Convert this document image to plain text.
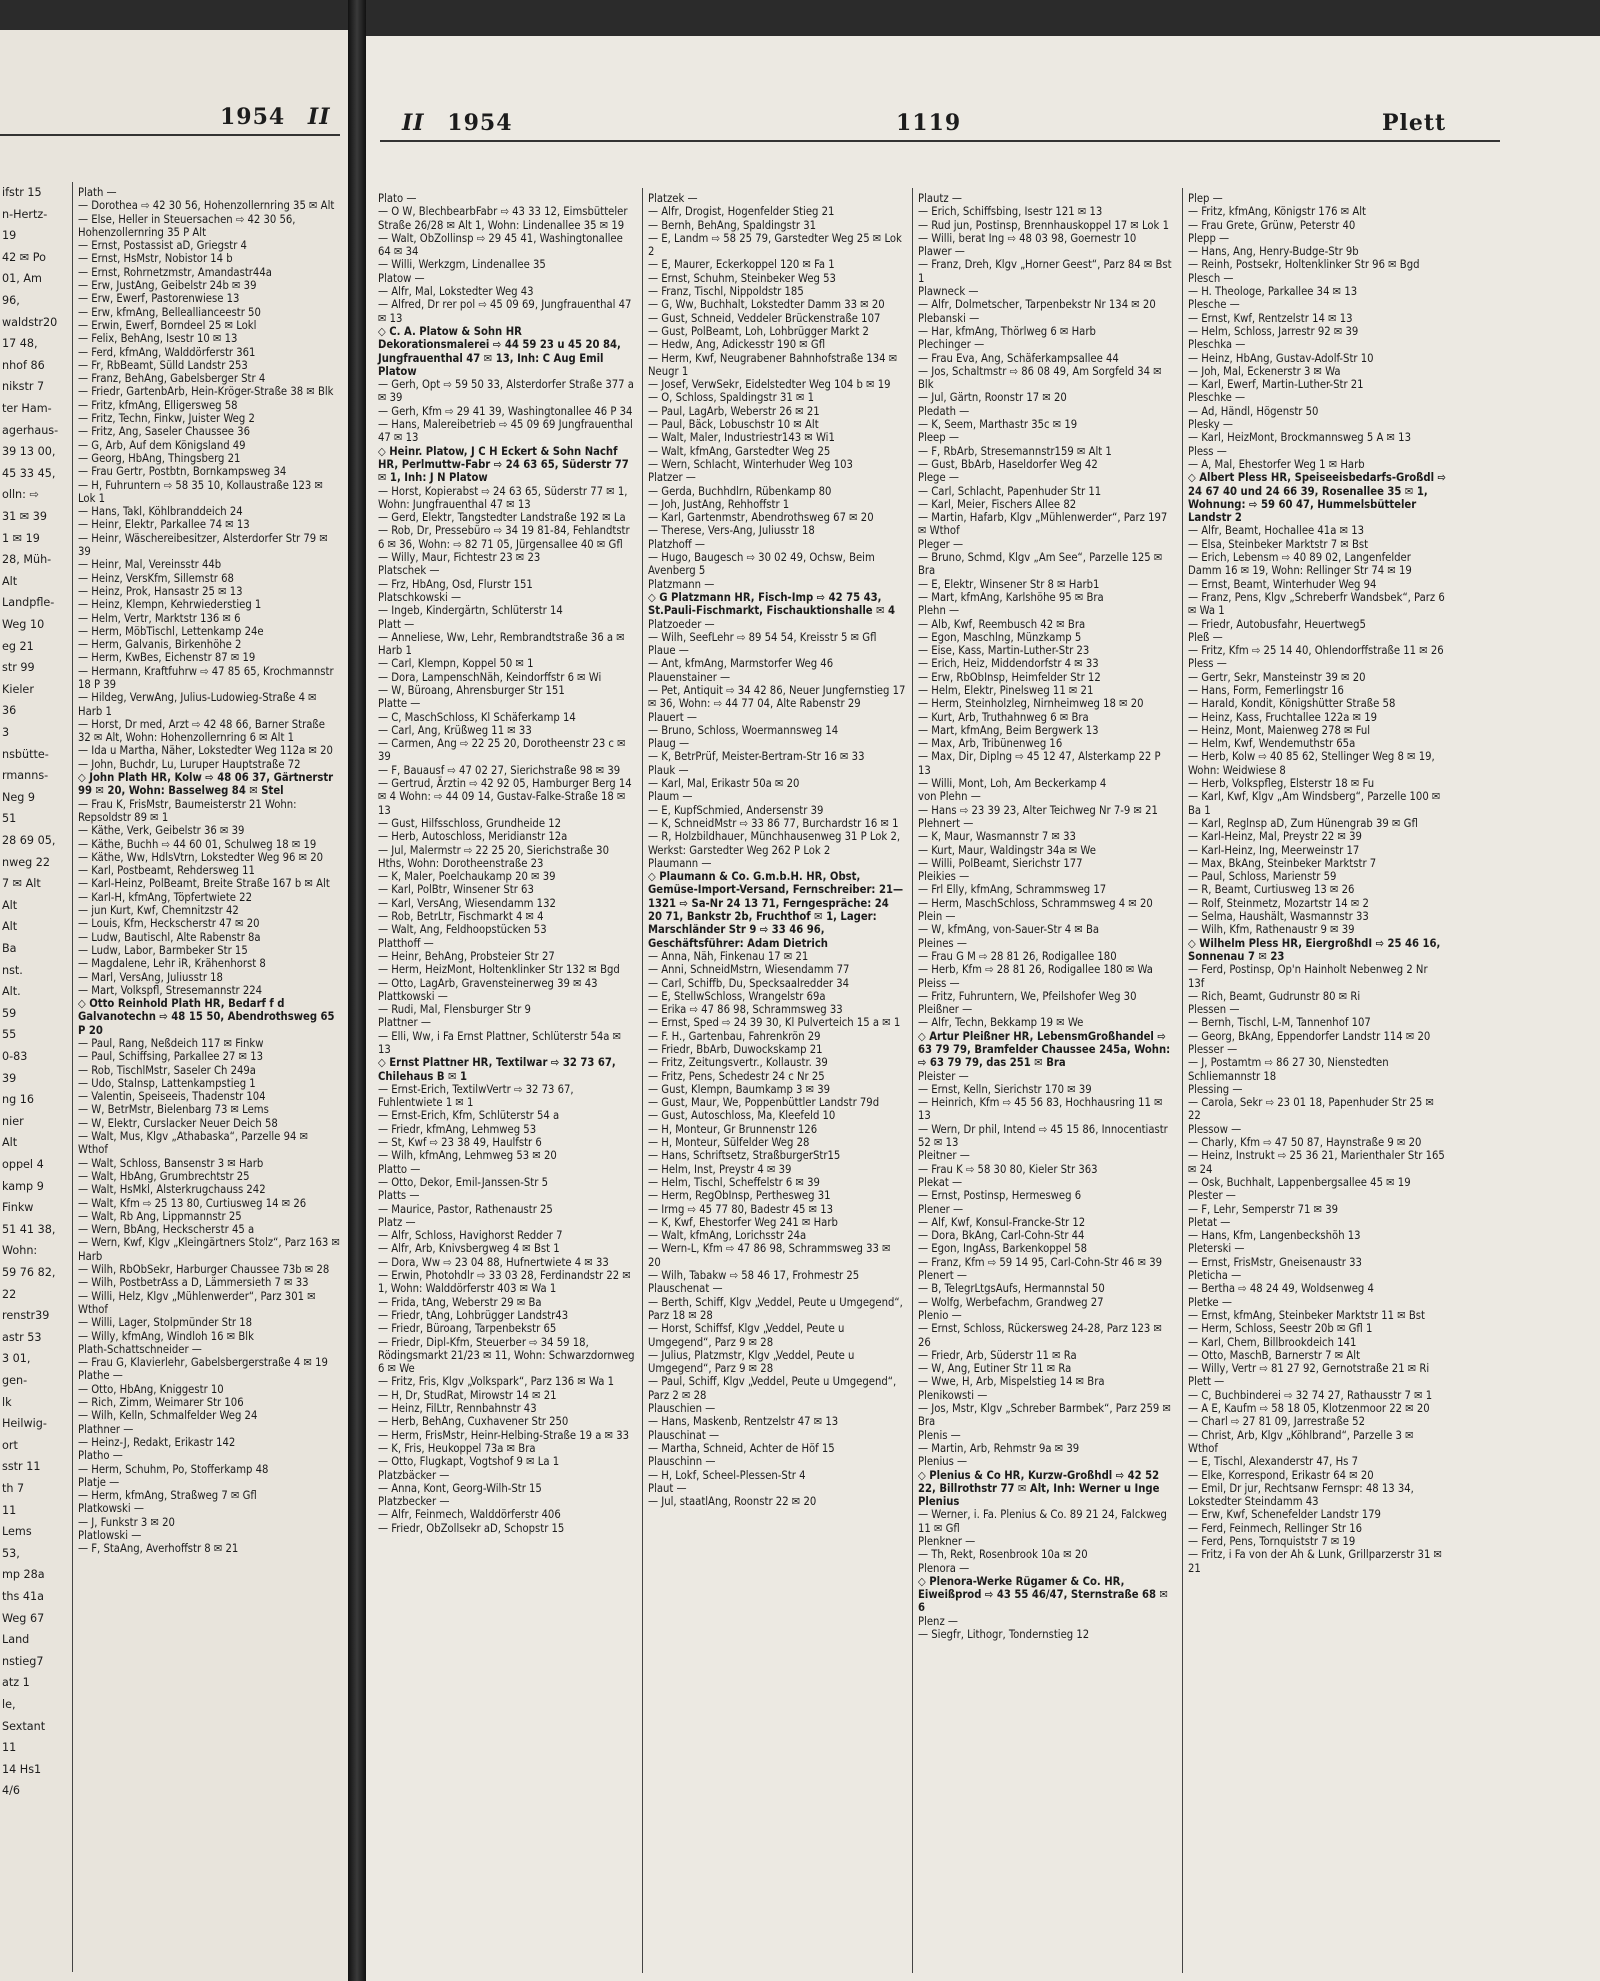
1954 II
ifstr 15
n-Hertz-
19
42 ✉ Po
01, Am
96,
waldstr20
17 48,
nhof 86
nikstr 7
ter Ham-
agerhaus-
39 13 00,
45 33 45,
olln: ⇨
31 ✉ 39
1 ✉ 19
28, Müh-
Alt
Landpfle-
Weg 10
eg 21
str 99
Kieler
36
3
nsbütte-
rmanns-
Neg 9
51
28 69 05,
nweg 22
7 ✉ Alt
Alt
Alt
Ba
nst.
Alt.
59
55
0-83
39
ng 16
nier
Alt
oppel 4
kamp 9
Finkw
51 41 38,
Wohn:
59 76 82,
22
renstr39
astr 53
3 01,
gen-
lk
Heilwig-
ort
sstr 11
th 7
11
Lems
53,
mp 28a
ths 41a
Weg 67
Land
nstieg7
atz 1
le,
Sextant
11
14 Hs1
4/6
Plath —
— Dorothea ⇨ 42 30 56, Hohenzollernring 35 ✉ Alt
— Else, Heller in Steuersachen ⇨ 42 30 56, Hohenzollernring 35 P Alt
— Ernst, Postassist aD, Griegstr 4
— Ernst, HsMstr, Nobistor 14 b
— Ernst, Rohrnetzmstr, Amandastr44a
— Erw, JustAng, Geibelstr 24b ✉ 39
— Erw, Ewerf, Pastorenwiese 13
— Erw, kfmAng, Belleallianceestr 50
— Erwin, Ewerf, Borndeel 25 ✉ Lokl
— Felix, BehAng, Isestr 10 ✉ 13
— Ferd, kfmAng, Walddörferstr 361
— Fr, RbBeamt, Sülld Landstr 253
— Franz, BehAng, Gabelsberger Str 4
— Friedr, GartenbArb, Hein-Kröger-Straße 38 ✉ Blk
— Fritz, kfmAng, Elligersweg 58
— Fritz, Techn, Finkw, Juister Weg 2
— Fritz, Ang, Saseler Chaussee 36
— G, Arb, Auf dem Königsland 49
— Georg, HbAng, Thingsberg 21
— Frau Gertr, Postbtn, Bornkampsweg 34
— H, Fuhruntern ⇨ 58 35 10, Kollaustraße 123 ✉ Lok 1
— Hans, Takl, Köhlbranddeich 24
— Heinr, Elektr, Parkallee 74 ✉ 13
— Heinr, Wäschereibesitzer, Alsterdorfer Str 79 ✉ 39
— Heinr, Mal, Vereinsstr 44b
— Heinz, VersKfm, Sillemstr 68
— Heinz, Prok, Hansastr 25 ✉ 13
— Heinz, Klempn, Kehrwiederstieg 1
— Helm, Vertr, Marktstr 136 ✉ 6
— Herm, MöbTischl, Lettenkamp 24e
— Herm, Galvanis, Birkenhöhe 2
— Herm, KwBes, Eichenstr 87 ✉ 19
— Hermann, Kraftfuhrw ⇨ 47 85 65, Krochmannstr 18 P 39
— Hildeg, VerwAng, Julius-Ludowieg-Straße 4 ✉ Harb 1
— Horst, Dr med, Arzt ⇨ 42 48 66, Barner Straße 32 ✉ Alt, Wohn: Hohenzollernring 6 ✉ Alt 1
— Ida u Martha, Näher, Lokstedter Weg 112a ✉ 20
— John, Buchdr, Lu, Luruper Hauptstraße 72
◇ John Plath HR, Kolw ⇨ 48 06 37, Gärtnerstr 99 ✉ 20, Wohn: Basselweg 84 ✉ Stel
— Frau K, FrisMstr, Baumeisterstr 21 Wohn: Repsoldstr 89 ✉ 1
— Käthe, Verk, Geibelstr 36 ✉ 39
— Käthe, Buchh ⇨ 44 60 01, Schulweg 18 ✉ 19
— Käthe, Ww, HdlsVtrn, Lokstedter Weg 96 ✉ 20
— Karl, Postbeamt, Rehdersweg 11
— Karl-Heinz, PolBeamt, Breite Straße 167 b ✉ Alt
— Karl-H, kfmAng, Töpfertwiete 22
— jun Kurt, Kwf, Chemnitzstr 42
— Louis, Kfm, Heckscherstr 47 ✉ 20
— Ludw, Bautischl, Alte Rabenstr 8a
— Ludw, Labor, Barmbeker Str 15
— Magdalene, Lehr iR, Krähenhorst 8
— Marl, VersAng, Juliusstr 18
— Mart, Volkspfl, Stresemannstr 224
◇ Otto Reinhold Plath HR, Bedarf f d Galvanotechn ⇨ 48 15 50, Abendrothsweg 65 P 20
— Paul, Rang, Neßdeich 117 ✉ Finkw
— Paul, Schiffsing, Parkallee 27 ✉ 13
— Rob, TischlMstr, Saseler Ch 249a
— Udo, Stalnsp, Lattenkampstieg 1
— Valentin, Speiseeis, Thadenstr 104
— W, BetrMstr, Bielenbarg 73 ✉ Lems
— W, Elektr, Curslacker Neuer Deich 58
— Walt, Mus, Klgv „Athabaska“, Parzelle 94 ✉ Wthof
— Walt, Schloss, Bansenstr 3 ✉ Harb
— Walt, HbAng, Grumbrechtstr 25
— Walt, HsMkl, Alsterkrugchauss 242
— Walt, Kfm ⇨ 25 13 80, Curtiusweg 14 ✉ 26
— Walt, Rb Ang, Lippmannstr 25
— Wern, BbAng, Heckscherstr 45 a
— Wern, Kwf, Klgv „Kleingärtners Stolz“, Parz 163 ✉ Harb
— Wilh, RbObSekr, Harburger Chaussee 73b ✉ 28
— Wilh, PostbetrAss a D, Lämmersieth 7 ✉ 33
— Willi, Helz, Klgv „Mühlenwerder“, Parz 301 ✉ Wthof
— Willi, Lager, Stolpmünder Str 18
— Willy, kfmAng, Windloh 16 ✉ Blk
Plath-Schattschneider —
— Frau G, Klavierlehr, Gabelsbergerstraße 4 ✉ 19
Plathe —
— Otto, HbAng, Kniggestr 10
— Rich, Zimm, Weimarer Str 106
— Wilh, Kelln, Schmalfelder Weg 24
Plathner —
— Heinz-J, Redakt, Erikastr 142
Platho —
— Herm, Schuhm, Po, Stofferkamp 48
Platje —
— Herm, kfmAng, Straßweg 7 ✉ Gfl
Platkowski —
— J, Funkstr 3 ✉ 20
Platlowski —
— F, StaAng, Averhoffstr 8 ✉ 21
II 1954	1119	Plett
Plato —
— O W, BlechbearbFabr ⇨ 43 33 12, Eimsbütteler Straße 26/28 ✉ Alt 1, Wohn: Lindenallee 35 ✉ 19
— Walt, ObZollinsp ⇨ 29 45 41, Washingtonallee 64 ✉ 34
— Willi, Werkzgm, Lindenallee 35
Platow —
— Alfr, Mal, Lokstedter Weg 43
— Alfred, Dr rer pol ⇨ 45 09 69, Jungfrauenthal 47 ✉ 13
◇ C. A. Platow & Sohn HR Dekorationsmalerei ⇨ 44 59 23 u 45 20 84, Jungfrauenthal 47 ✉ 13, Inh: C Aug Emil Platow
— Gerh, Opt ⇨ 59 50 33, Alsterdorfer Straße 377 a ✉ 39
— Gerh, Kfm ⇨ 29 41 39, Washingtonallee 46 P 34
— Hans, Malereibetrieb ⇨ 45 09 69 Jungfrauenthal 47 ✉ 13
◇ Heinr. Platow, J C H Eckert & Sohn Nachf HR, Perlmuttw-Fabr ⇨ 24 63 65, Süderstr 77 ✉ 1, Inh: J N Platow
— Horst, Kopierabst ⇨ 24 63 65, Süderstr 77 ✉ 1, Wohn: Jungfrauenthal 47 ✉ 13
— Gerd, Elektr, Tangstedter Landstraße 192 ✉ La
— Rob, Dr, Pressebüro ⇨ 34 19 81-84, Fehlandtstr 6 ✉ 36, Wohn: ⇨ 82 71 05, Jürgensallee 40 ✉ Gfl
— Willy, Maur, Fichtestr 23 ✉ 23
Platschek —
— Frz, HbAng, Osd, Flurstr 151
Platschkowski —
— Ingeb, Kindergärtn, Schlüterstr 14
Platt —
— Anneliese, Ww, Lehr, Rembrandtstraße 36 a ✉ Harb 1
— Carl, Klempn, Koppel 50 ✉ 1
— Dora, LampenschNäh, Keindorffstr 6 ✉ Wi
— W, Büroang, Ahrensburger Str 151
Platte —
— C, MaschSchloss, Kl Schäferkamp 14
— Carl, Ang, Krüßweg 11 ✉ 33
— Carmen, Ang ⇨ 22 25 20, Dorotheenstr 23 c ✉ 39
— F, Bauausf ⇨ 47 02 27, Sierichstraße 98 ✉ 39
— Gertrud, Ärztin ⇨ 42 92 05, Hamburger Berg 14 ✉ 4 Wohn: ⇨ 44 09 14, Gustav-Falke-Straße 18 ✉ 13
— Gust, Hilfsschloss, Grundheide 12
— Herb, Autoschloss, Meridianstr 12a
— Jul, Malermstr ⇨ 22 25 20, Sierichstraße 30 Hths, Wohn: Dorotheenstraße 23
— K, Maler, Poelchaukamp 20 ✉ 39
— Karl, PolBtr, Winsener Str 63
— Karl, VersAng, Wiesendamm 132
— Rob, BetrLtr, Fischmarkt 4 ✉ 4
— Walt, Ang, Feldhoopstücken 53
Platthoff —
— Heinr, BehAng, Probsteier Str 27
— Herm, HeizMont, Holtenklinker Str 132 ✉ Bgd
— Otto, LagArb, Gravensteinerweg 39 ✉ 43
Plattkowski —
— Rudi, Mal, Flensburger Str 9
Plattner —
— Elli, Ww, i Fa Ernst Plattner, Schlüterstr 54a ✉ 13
◇ Ernst Plattner HR, Textilwar ⇨ 32 73 67, Chilehaus B ✉ 1
— Ernst-Erich, TextilwVertr ⇨ 32 73 67, Fuhlentwiete 1 ✉ 1
— Ernst-Erich, Kfm, Schlüterstr 54 a
— Friedr, kfmAng, Lehmweg 53
— St, Kwf ⇨ 23 38 49, Haulfstr 6
— Wilh, kfmAng, Lehmweg 53 ✉ 20
Platto —
— Otto, Dekor, Emil-Janssen-Str 5
Platts —
— Maurice, Pastor, Rathenaustr 25
Platz —
— Alfr, Schloss, Havighorst Redder 7
— Alfr, Arb, Knivsbergweg 4 ✉ Bst 1
— Dora, Ww ⇨ 23 04 88, Hufnertwiete 4 ✉ 33
— Erwin, Photohdlr ⇨ 33 03 28, Ferdinandstr 22 ✉ 1, Wohn: Walddörferstr 403 ✉ Wa 1
— Frida, tAng, Weberstr 29 ✉ Ba
— Friedr, tAng, Lohbrügger Landstr43
— Friedr, Büroang, Tarpenbekstr 65
— Friedr, Dipl-Kfm, Steuerber ⇨ 34 59 18, Rödingsmarkt 21/23 ✉ 11, Wohn: Schwarzdornweg 6 ✉ We
— Fritz, Fris, Klgv „Volkspark“, Parz 136 ✉ Wa 1
— H, Dr, StudRat, Mirowstr 14 ✉ 21
— Heinz, FilLtr, Rennbahnstr 43
— Herb, BehAng, Cuxhavener Str 250
— Herm, FrisMstr, Heinr-Helbing-Straße 19 a ✉ 33
— K, Fris, Heukoppel 73a ✉ Bra
— Otto, Flugkapt, Vogtshof 9 ✉ La 1
Platzbäcker —
— Anna, Kont, Georg-Wilh-Str 15
Platzbecker —
— Alfr, Feinmech, Walddörferstr 406
— Friedr, ObZollsekr aD, Schopstr 15
Platzek —
— Alfr, Drogist, Hogenfelder Stieg 21
— Bernh, BehAng, Spaldingstr 31
— E, Landm ⇨ 58 25 79, Garstedter Weg 25 ✉ Lok 2
— E, Maurer, Eckerkoppel 120 ✉ Fa 1
— Ernst, Schuhm, Steinbeker Weg 53
— Franz, Tischl, Nippoldstr 185
— G, Ww, Buchhalt, Lokstedter Damm 33 ✉ 20
— Gust, Schneid, Veddeler Brückenstraße 107
— Gust, PolBeamt, Loh, Lohbrügger Markt 2
— Hedw, Ang, Adickesstr 190 ✉ Gfl
— Herm, Kwf, Neugrabener Bahnhofstraße 134 ✉ Neugr 1
— Josef, VerwSekr, Eidelstedter Weg 104 b ✉ 19
— O, Schloss, Spaldingstr 31 ✉ 1
— Paul, LagArb, Weberstr 26 ✉ 21
— Paul, Bäck, Lobuschstr 10 ✉ Alt
— Walt, Maler, Industriestr143 ✉ Wi1
— Walt, kfmAng, Garstedter Weg 25
— Wern, Schlacht, Winterhuder Weg 103
Platzer —
— Gerda, Buchhdlrn, Rübenkamp 80
— Joh, JustAng, Rehhoffstr 1
— Karl, Gartenmstr, Abendrothsweg 67 ✉ 20
— Therese, Vers-Ang, Juliusstr 18
Platzhoff —
— Hugo, Baugesch ⇨ 30 02 49, Ochsw, Beim Avenberg 5
Platzmann —
◇ G Platzmann HR, Fisch-Imp ⇨ 42 75 43, St.Pauli-Fischmarkt, Fischauktionshalle ✉ 4
Platzoeder —
— Wilh, SeefLehr ⇨ 89 54 54, Kreisstr 5 ✉ Gfl
Plaue —
— Ant, kfmAng, Marmstorfer Weg 46
Plauenstainer —
— Pet, Antiquit ⇨ 34 42 86, Neuer Jungfernstieg 17 ✉ 36, Wohn: ⇨ 44 77 04, Alte Rabenstr 29
Plauert —
— Bruno, Schloss, Woermannsweg 14
Plaug —
— K, BetrPrüf, Meister-Bertram-Str 16 ✉ 33
Plauk —
— Karl, Mal, Erikastr 50a ✉ 20
Plaum —
— E, KupfSchmied, Andersenstr 39
— K, SchneidMstr ⇨ 33 86 77, Burchardstr 16 ✉ 1
— R, Holzbildhauer, Münchhausenweg 31 P Lok 2, Werkst: Garstedter Weg 262 P Lok 2
Plaumann —
◇ Plaumann & Co. G.m.b.H. HR, Obst, Gemüse-Import-Versand, Fernschreiber: 21—1321 ⇨ Sa-Nr 24 13 71, Ferngespräche: 24 20 71, Bankstr 2b, Fruchthof ✉ 1, Lager: Marschländer Str 9 ⇨ 33 46 96, Geschäftsführer: Adam Dietrich
— Anna, Näh, Finkenau 17 ✉ 21
— Anni, SchneidMstrn, Wiesendamm 77
— Carl, Schiffb, Du, Specksaalredder 34
— E, StellwSchloss, Wrangelstr 69a
— Erika ⇨ 47 86 98, Schrammsweg 33
— Ernst, Sped ⇨ 24 39 30, Kl Pulverteich 15 a ✉ 1
— F. H., Gartenbau, Fahrenkrön 29
— Friedr, BbArb, Duwockskamp 21
— Fritz, Zeitungsvertr., Kollaustr. 39
— Fritz, Pens, Schedestr 24 c Nr 25
— Gust, Klempn, Baumkamp 3 ✉ 39
— Gust, Maur, We, Poppenbüttler Landstr 79d
— Gust, Autoschloss, Ma, Kleefeld 10
— H, Monteur, Gr Brunnenstr 126
— H, Monteur, Sülfelder Weg 28
— Hans, Schriftsetz, StraßburgerStr15
— Helm, Inst, Preystr 4 ✉ 39
— Helm, Tischl, Scheffelstr 6 ✉ 39
— Herm, RegObInsp, Perthesweg 31
— Irmg ⇨ 45 77 80, Badestr 45 ✉ 13
— K, Kwf, Ehestorfer Weg 241 ✉ Harb
— Walt, kfmAng, Lorichsstr 24a
— Wern-L, Kfm ⇨ 47 86 98, Schrammsweg 33 ✉ 20
— Wilh, Tabakw ⇨ 58 46 17, Frohmestr 25
Plauschenat —
— Berth, Schiff, Klgv „Veddel, Peute u Umgegend“, Parz 18 ✉ 28
— Horst, Schiffsf, Klgv „Veddel, Peute u Umgegend“, Parz 9 ✉ 28
— Julius, Platzmstr, Klgv „Veddel, Peute u Umgegend“, Parz 9 ✉ 28
— Paul, Schiff, Klgv „Veddel, Peute u Umgegend“, Parz 2 ✉ 28
Plauschien —
— Hans, Maskenb, Rentzelstr 47 ✉ 13
Plauschinat —
— Martha, Schneid, Achter de Höf 15
Plauschinn —
— H, Lokf, Scheel-Plessen-Str 4
Plaut —
— Jul, staatlAng, Roonstr 22 ✉ 20
Plautz —
— Erich, Schiffsbing, Isestr 121 ✉ 13
— Rud jun, Postinsp, Brennhauskoppel 17 ✉ Lok 1
— Willi, berat Ing ⇨ 48 03 98, Goernestr 10
Plawer —
— Franz, Dreh, Klgv „Horner Geest“, Parz 84 ✉ Bst 1
Plawneck —
— Alfr, Dolmetscher, Tarpenbekstr Nr 134 ✉ 20
Plebanski —
— Har, kfmAng, Thörlweg 6 ✉ Harb
Plechinger —
— Frau Eva, Ang, Schäferkampsallee 44
— Jos, Schaltmstr ⇨ 86 08 49, Am Sorgfeld 34 ✉ Blk
— Jul, Gärtn, Roonstr 17 ✉ 20
Pledath —
— K, Seem, Marthastr 35c ✉ 19
Pleep —
— F, RbArb, Stresemannstr159 ✉ Alt 1
— Gust, BbArb, Haseldorfer Weg 42
Plege —
— Carl, Schlacht, Papenhuder Str 11
— Karl, Meier, Fischers Allee 82
— Martin, Hafarb, Klgv „Mühlenwerder“, Parz 197 ✉ Wthof
Pleger —
— Bruno, Schmd, Klgv „Am See“, Parzelle 125 ✉ Bra
— E, Elektr, Winsener Str 8 ✉ Harb1
— Mart, kfmAng, Karlshöhe 95 ✉ Bra
Plehn —
— Alb, Kwf, Reembusch 42 ✉ Bra
— Egon, Maschlng, Münzkamp 5
— Eise, Kass, Martin-Luther-Str 23
— Erich, Heiz, Middendorfstr 4 ✉ 33
— Erw, RbObInsp, Heimfelder Str 12
— Helm, Elektr, Pinelsweg 11 ✉ 21
— Herm, Steinholzleg, Nirnheimweg 18 ✉ 20
— Kurt, Arb, Truthahnweg 6 ✉ Bra
— Mart, kfmAng, Beim Bergwerk 13
— Max, Arb, Tribünenweg 16
— Max, Dir, Diplng ⇨ 45 12 47, Alsterkamp 22 P 13
— Willi, Mont, Loh, Am Beckerkamp 4
von Plehn —
— Hans ⇨ 23 39 23, Alter Teichweg Nr 7-9 ✉ 21
Plehnert —
— K, Maur, Wasmannstr 7 ✉ 33
— Kurt, Maur, Waldingstr 34a ✉ We
— Willi, PolBeamt, Sierichstr 177
Pleikies —
— Frl Elly, kfmAng, Schrammsweg 17
— Herm, MaschSchloss, Schrammsweg 4 ✉ 20
Plein —
— W, kfmAng, von-Sauer-Str 4 ✉ Ba
Pleines —
— Frau G M ⇨ 28 81 26, Rodigallee 180
— Herb, Kfm ⇨ 28 81 26, Rodigallee 180 ✉ Wa
Pleiss —
— Fritz, Fuhruntern, We, Pfeilshofer Weg 30
Pleißner —
— Alfr, Techn, Bekkamp 19 ✉ We
◇ Artur Pleißner HR, LebensmGroßhandel ⇨ 63 79 79, Bramfelder Chaussee 245a, Wohn: ⇨ 63 79 79, das 251 ✉ Bra
Pleister —
— Ernst, Kelln, Sierichstr 170 ✉ 39
— Heinrich, Kfm ⇨ 45 56 83, Hochhausring 11 ✉ 13
— Wern, Dr phil, Intend ⇨ 45 15 86, Innocentiastr 52 ✉ 13
Pleitner —
— Frau K ⇨ 58 30 80, Kieler Str 363
Plekat —
— Ernst, Postinsp, Hermesweg 6
Plener —
— Alf, Kwf, Konsul-Francke-Str 12
— Dora, BkAng, Carl-Cohn-Str 44
— Egon, IngAss, Barkenkoppel 58
— Franz, Kfm ⇨ 59 14 95, Carl-Cohn-Str 46 ✉ 39
Plenert —
— B, TelegrLtgsAufs, Hermannstal 50
— Wolfg, Werbefachm, Grandweg 27
Plenio —
— Ernst, Schloss, Rückersweg 24-28, Parz 123 ✉ 26
— Friedr, Arb, Süderstr 11 ✉ Ra
— W, Ang, Eutiner Str 11 ✉ Ra
— Wwe, H, Arb, Mispelstieg 14 ✉ Bra
Plenikowsti —
— Jos, Mstr, Klgv „Schreber Barmbek“, Parz 259 ✉ Bra
Plenis —
— Martin, Arb, Rehmstr 9a ✉ 39
Plenius —
◇ Plenius & Co HR, Kurzw-Großhdl ⇨ 42 52 22, Billrothstr 77 ✉ Alt, Inh: Werner u Inge Plenius
— Werner, i. Fa. Plenius & Co. 89 21 24, Falckweg 11 ✉ Gfl
Plenkner —
— Th, Rekt, Rosenbrook 10a ✉ 20
Plenora —
◇ Plenora-Werke Rügamer & Co. HR, Eiweißprod ⇨ 43 55 46/47, Sternstraße 68 ✉ 6
Plenz —
— Siegfr, Lithogr, Tondernstieg 12
Plep —
— Fritz, kfmAng, Königstr 176 ✉ Alt
— Frau Grete, Grünw, Peterstr 40
Plepp —
— Hans, Ang, Henry-Budge-Str 9b
— Reinh, Postsekr, Holtenklinker Str 96 ✉ Bgd
Plesch —
— H. Theologe, Parkallee 34 ✉ 13
Plesche —
— Ernst, Kwf, Rentzelstr 14 ✉ 13
— Helm, Schloss, Jarrestr 92 ✉ 39
Pleschka —
— Heinz, HbAng, Gustav-Adolf-Str 10
— Joh, Mal, Eckenerstr 3 ✉ Wa
— Karl, Ewerf, Martin-Luther-Str 21
Pleschke —
— Ad, Händl, Högenstr 50
Plesky —
— Karl, HeizMont, Brockmannsweg 5 A ✉ 13
Pless —
— A, Mal, Ehestorfer Weg 1 ✉ Harb
◇ Albert Pless HR, Speiseeisbedarfs-Großdl ⇨ 24 67 40 und 24 66 39, Rosenallee 35 ✉ 1, Wohnung: ⇨ 59 60 47, Hummelsbütteler Landstr 2
— Alfr, Beamt, Hochallee 41a ✉ 13
— Elsa, Steinbeker Marktstr 7 ✉ Bst
— Erich, Lebensm ⇨ 40 89 02, Langenfelder Damm 16 ✉ 19, Wohn: Rellinger Str 74 ✉ 19
— Ernst, Beamt, Winterhuder Weg 94
— Franz, Pens, Klgv „Schreberfr Wandsbek“, Parz 6 ✉ Wa 1
— Friedr, Autobusfahr, Heuertweg5
Pleß —
— Fritz, Kfm ⇨ 25 14 40, Ohlendorffstraße 11 ✉ 26
Pless —
— Gertr, Sekr, Mansteinstr 39 ✉ 20
— Hans, Form, Femerlingstr 16
— Harald, Kondit, Königshütter Straße 58
— Heinz, Kass, Fruchtallee 122a ✉ 19
— Heinz, Mont, Maienweg 278 ✉ Ful
— Helm, Kwf, Wendemuthstr 65a
— Herb, Kolw ⇨ 40 85 62, Stellinger Weg 8 ✉ 19, Wohn: Weidwiese 8
— Herb, Volkspfleg, Elsterstr 18 ✉ Fu
— Karl, Kwf, Klgv „Am Windsberg“, Parzelle 100 ✉ Ba 1
— Karl, Reglnsp aD, Zum Hünengrab 39 ✉ Gfl
— Karl-Heinz, Mal, Preystr 22 ✉ 39
— Karl-Heinz, Ing, Meerweinstr 17
— Max, BkAng, Steinbeker Marktstr 7
— Paul, Schloss, Marienstr 59
— R, Beamt, Curtiusweg 13 ✉ 26
— Rolf, Steinmetz, Mozartstr 14 ✉ 2
— Selma, Haushält, Wasmannstr 33
— Wilh, Kfm, Rathenaustr 9 ✉ 39
◇ Wilhelm Pless HR, EiergroßhdI ⇨ 25 46 16, Sonnenau 7 ✉ 23
— Ferd, Postinsp, Op'n Hainholt Nebenweg 2 Nr 13f
— Rich, Beamt, Gudrunstr 80 ✉ Ri
Plessen —
— Bernh, Tischl, L-M, Tannenhof 107
— Georg, BkAng, Eppendorfer Landstr 114 ✉ 20
Plesser —
— J, Postamtm ⇨ 86 27 30, Nienstedten Schliemannstr 18
Plessing —
— Carola, Sekr ⇨ 23 01 18, Papenhuder Str 25 ✉ 22
Plessow —
— Charly, Kfm ⇨ 47 50 87, Haynstraße 9 ✉ 20
— Heinz, Instrukt ⇨ 25 36 21, Marienthaler Str 165 ✉ 24
— Osk, Buchhalt, Lappenbergsallee 45 ✉ 19
Plester —
— F, Lehr, Semperstr 71 ✉ 39
Pletat —
— Hans, Kfm, Langenbeckshöh 13
Pleterski —
— Ernst, FrisMstr, Gneisenaustr 33
Pleticha —
— Bertha ⇨ 48 24 49, Woldsenweg 4
Pletke —
— Ernst, kfmAng, Steinbeker Marktstr 11 ✉ Bst
— Herm, Schloss, Seestr 20b ✉ Gfl 1
— Karl, Chem, Billbrookdeich 141
— Otto, MaschB, Barnerstr 7 ✉ Alt
— Willy, Vertr ⇨ 81 27 92, Gernotstraße 21 ✉ Ri
Plett —
— C, Buchbinderei ⇨ 32 74 27, Rathausstr 7 ✉ 1
— A E, Kaufm ⇨ 58 18 05, Klotzenmoor 22 ✉ 20
— Charl ⇨ 27 81 09, Jarrestraße 52
— Christ, Arb, Klgv „Köhlbrand“, Parzelle 3 ✉ Wthof
— E, Tischl, Alexanderstr 47, Hs 7
— Elke, Korrespond, Erikastr 64 ✉ 20
— Emil, Dr jur, Rechtsanw Fernspr: 48 13 34, Lokstedter Steindamm 43
— Erw, Kwf, Schenefelder Landstr 179
— Ferd, Feinmech, Rellinger Str 16
— Ferd, Pens, Tornquiststr 7 ✉ 19
— Fritz, i Fa von der Ah & Lunk, Grillparzerstr 31 ✉ 21
